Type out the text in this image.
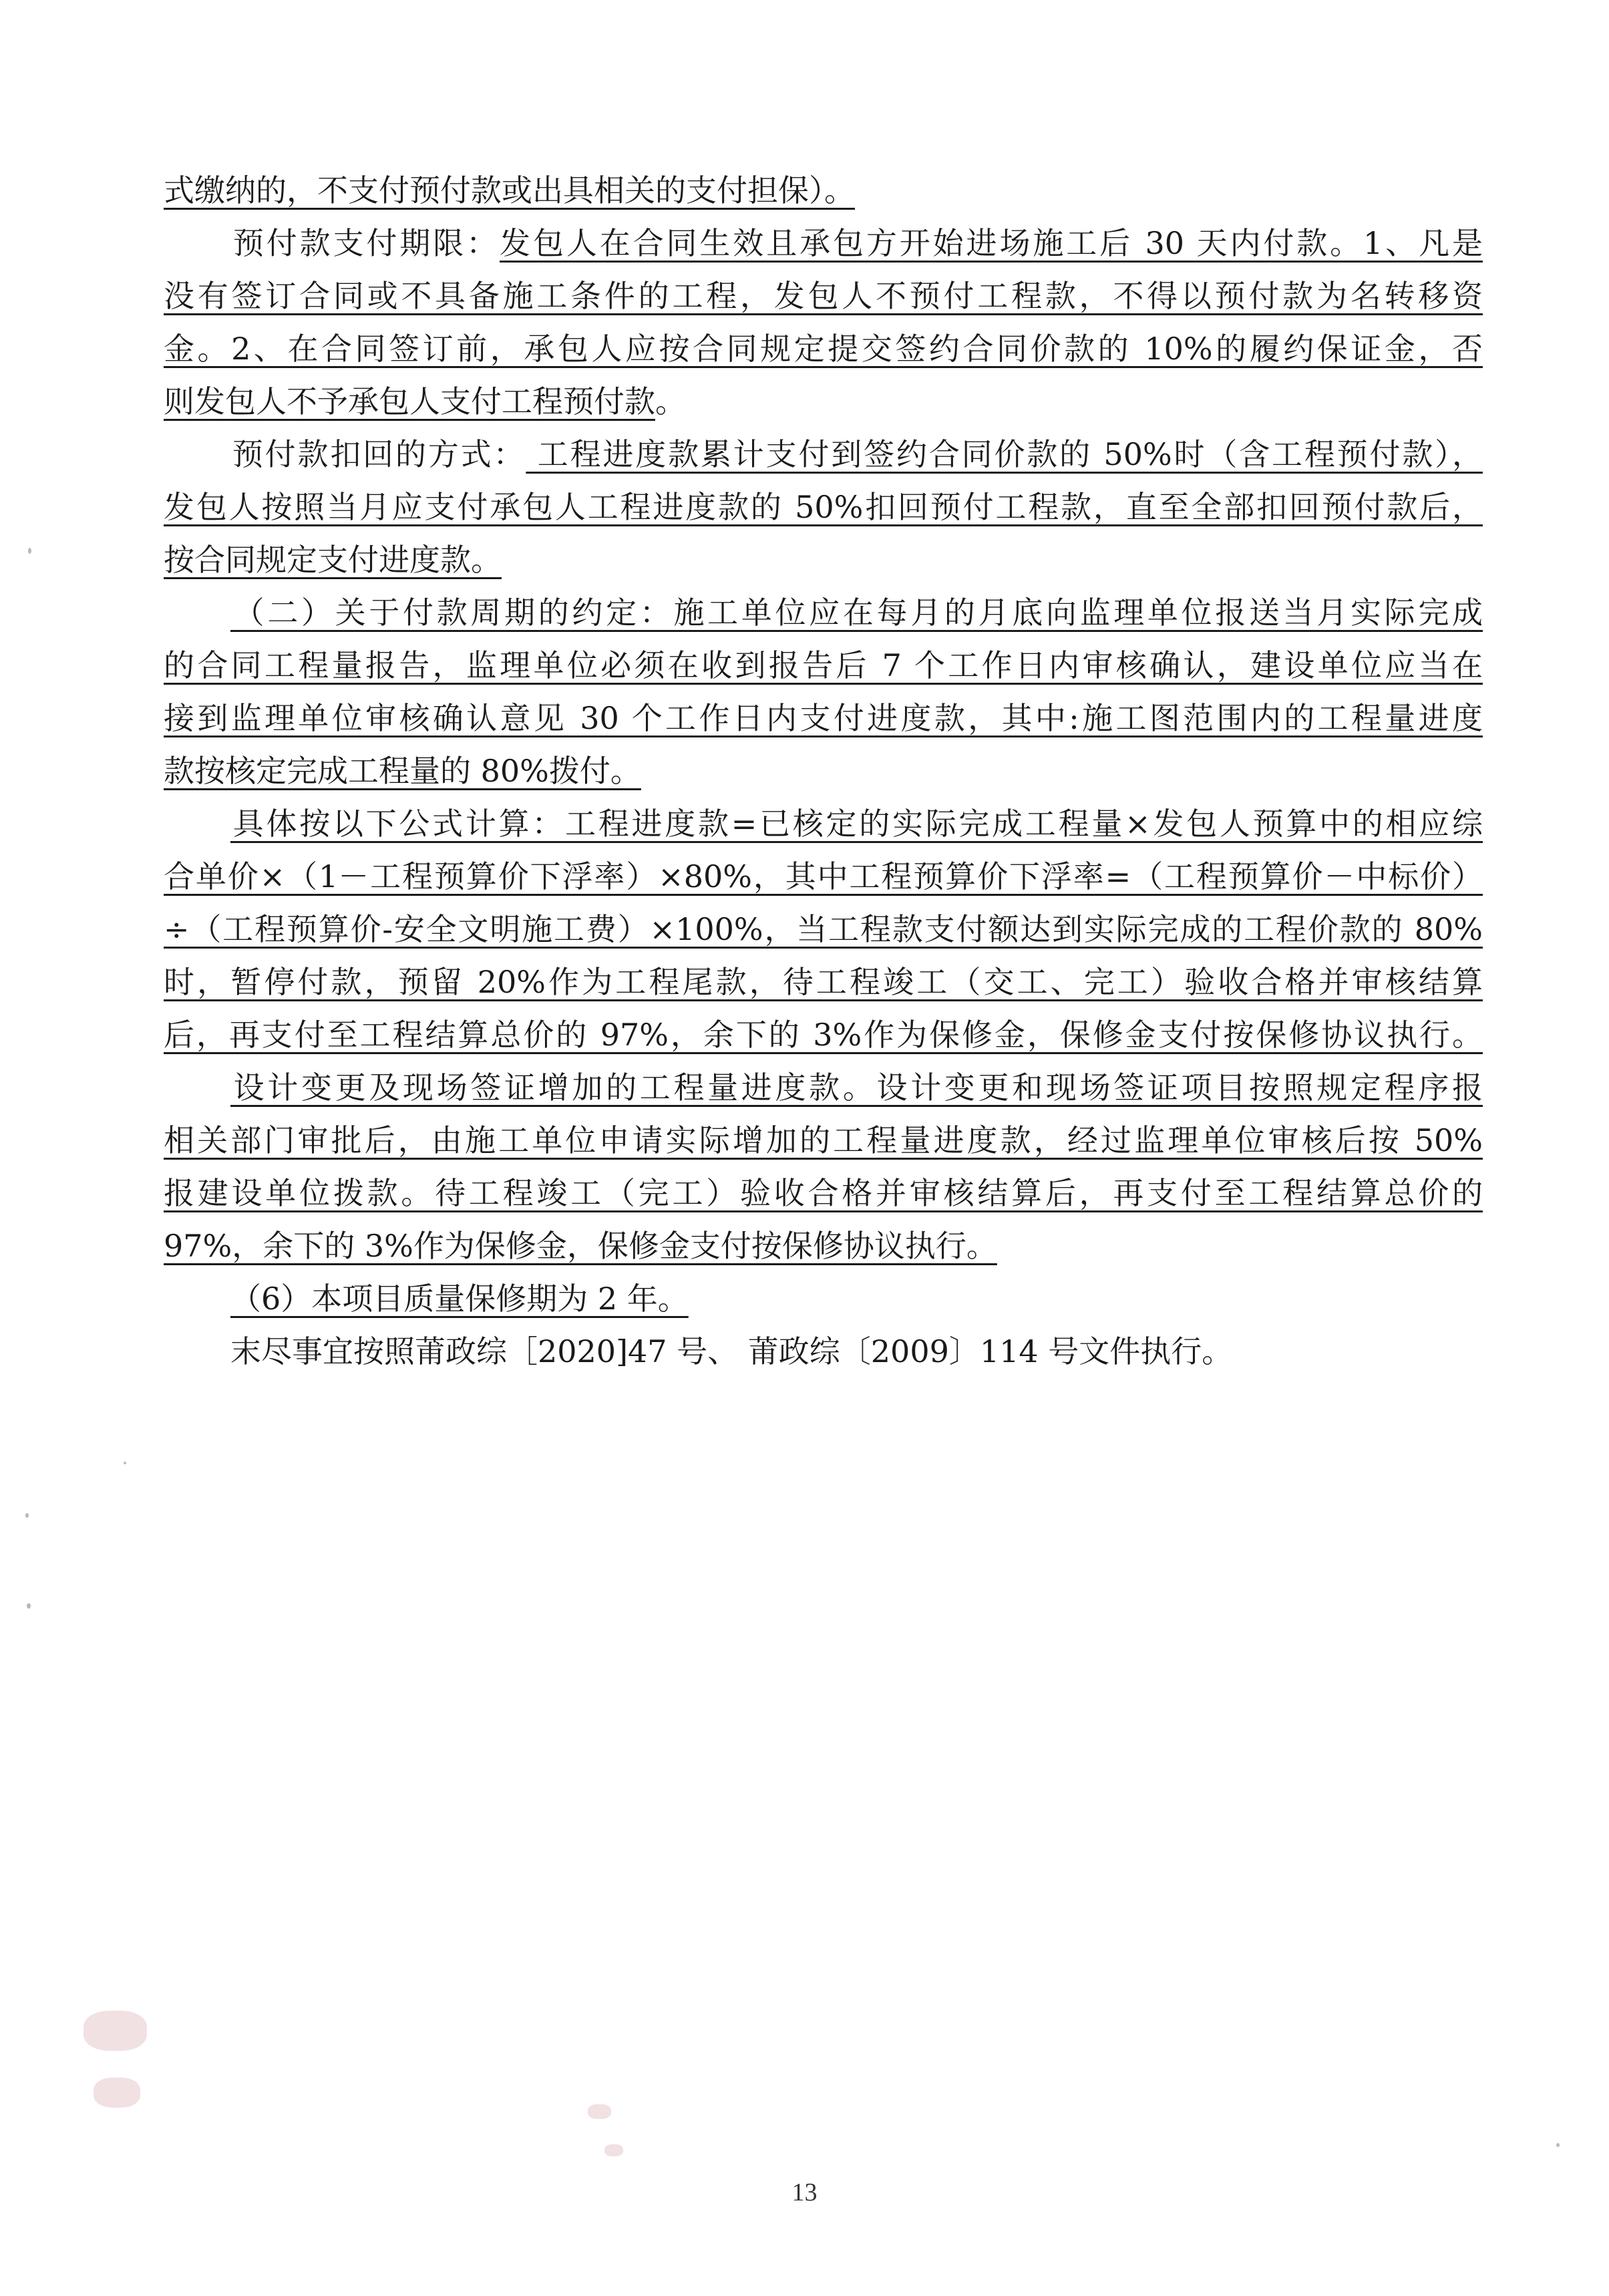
式缴纳的，不支付预付款或出具相关的支付担保）。
预付款支付期限：发包人在合同生效且承包方开始进场施工后 30 天内付款。1、凡是
没有签订合同或不具备施工条件的工程，发包人不预付工程款，不得以预付款为名转移资
金。2、在合同签订前，承包人应按合同规定提交签约合同价款的 10%的履约保证金，否
则发包人不予承包人支付工程预付款。
预付款扣回的方式： 工程进度款累计支付到签约合同价款的 50%时（含工程预付款），
发包人按照当月应支付承包人工程进度款的 50%扣回预付工程款，直至全部扣回预付款后，
按合同规定支付进度款。
（二）关于付款周期的约定：施工单位应在每月的月底向监理单位报送当月实际完成
的合同工程量报告，监理单位必须在收到报告后 7 个工作日内审核确认，建设单位应当在
接到监理单位审核确认意见 30 个工作日内支付进度款，其中:施工图范围内的工程量进度
款按核定完成工程量的 80%拨付。
具体按以下公式计算：工程进度款=已核定的实际完成工程量×发包人预算中的相应综
合单价×（1－工程预算价下浮率）×80%，其中工程预算价下浮率=（工程预算价－中标价）
÷（工程预算价-安全文明施工费）×100%，当工程款支付额达到实际完成的工程价款的 80%
时，暂停付款，预留 20%作为工程尾款，待工程竣工（交工、完工）验收合格并审核结算
后，再支付至工程结算总价的 97%，余下的 3%作为保修金，保修金支付按保修协议执行。
设计变更及现场签证增加的工程量进度款。设计变更和现场签证项目按照规定程序报
相关部门审批后，由施工单位申请实际增加的工程量进度款，经过监理单位审核后按 50%
报建设单位拨款。待工程竣工（完工）验收合格并审核结算后，再支付至工程结算总价的
97%，余下的 3%作为保修金，保修金支付按保修协议执行。
（6）本项目质量保修期为 2 年。
末尽事宜按照莆政综［2020]47 号、 莆政综〔2009〕114 号文件执行。
13
